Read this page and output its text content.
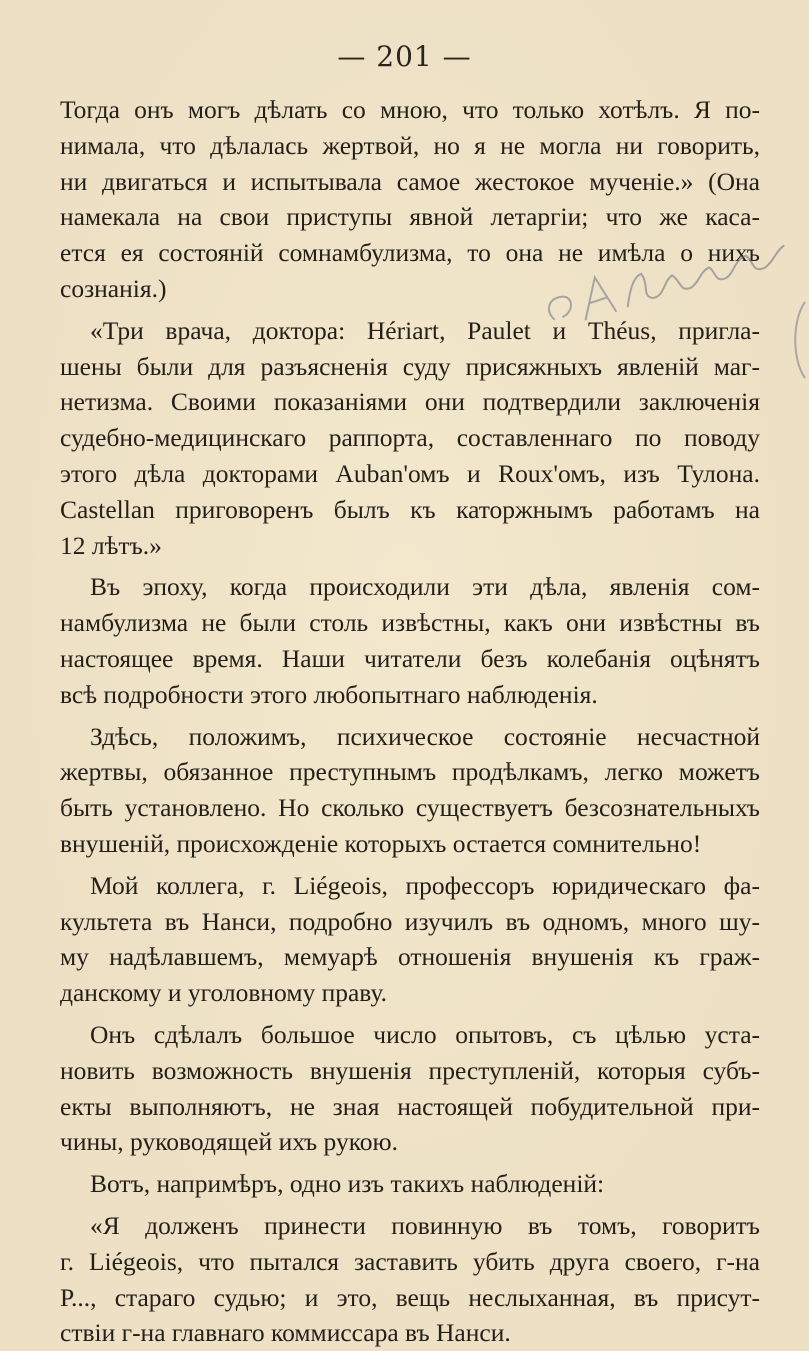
— 201 —
Тогда онъ могъ дѣлать со мною, что только хотѣлъ. Я по-
нимала, что дѣлалась жертвой, но я не могла ни говорить,
ни двигаться и испытывала самое жестокое мученіе.» (Она
намекала на свои приступы явной летаргіи; что же каса-
ется ея состояній сомнамбулизма, то она не имѣла о нихъ
сознанія.)
«Три врача, доктора: Hériart, Paulet и Théus, пригла-
шены были для разъясненія суду присяжныхъ явленій маг-
нетизма. Своими показаніями они подтвердили заключенія
судебно-медицинскаго раппорта, составленнаго по поводу
этого дѣла докторами Auban'омъ и Roux'омъ, изъ Тулона.
Castellan приговоренъ былъ къ каторжнымъ работамъ на
12 лѣтъ.»
Въ эпоху, когда происходили эти дѣла, явленія сом-
намбулизма не были столь извѣстны, какъ они извѣстны въ
настоящее время. Наши читатели безъ колебанія оцѣнятъ
всѣ подробности этого любопытнаго наблюденія.
Здѣсь, положимъ, психическое состояніе несчастной
жертвы, обязанное преступнымъ продѣлкамъ, легко можетъ
быть установлено. Но сколько существуетъ безсознательныхъ
внушеній, происхожденіе которыхъ остается сомнительно!
Мой коллега, г. Liégeois, профессоръ юридическаго фа-
культета въ Нанси, подробно изучилъ въ одномъ, много шу-
му надѣлавшемъ, мемуарѣ отношенія внушенія къ граж-
данскому и уголовному праву.
Онъ сдѣлалъ большое число опытовъ, съ цѣлью уста-
новить возможность внушенія преступленій, которыя субъ-
екты выполняютъ, не зная настоящей побудительной при-
чины, руководящей ихъ рукою.
Вотъ, напримѣръ, одно изъ такихъ наблюденій:
«Я долженъ принести повинную въ томъ, говоритъ
г. Liégeois, что пытался заставить убить друга своего, г-на
Р..., стараго судью; и это, вещь неслыханная, въ присут-
ствіи г-на главнаго коммиссара въ Нанси.
